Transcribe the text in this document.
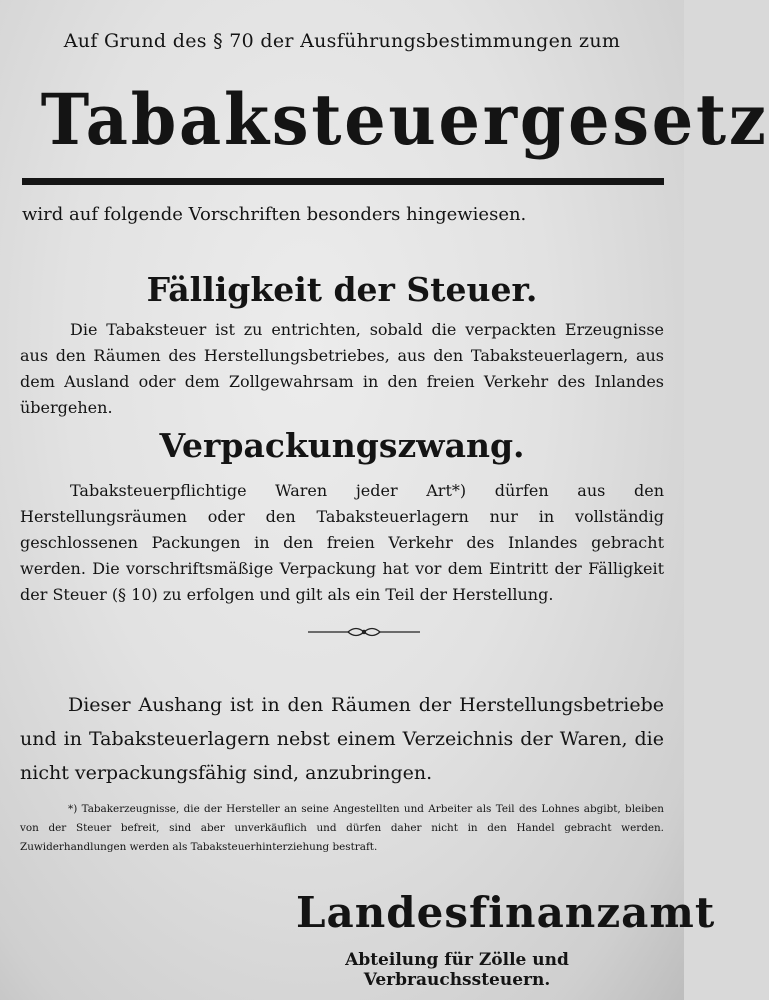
Auf Grund des § 70 der Ausführungsbestimmungen zum
Tabaksteuergesetz
wird auf folgende Vorschriften besonders hingewiesen.
Fälligkeit der Steuer.
Die Tabaksteuer ist zu entrichten, sobald die verpackten Erzeugnisse aus den Räumen des Herstellungsbetriebes, aus den Tabaksteuerlagern, aus dem Ausland oder dem Zollgewahrsam in den freien Verkehr des Inlandes übergehen.
Verpackungszwang.
Tabaksteuerpflichtige Waren jeder Art*) dürfen aus den Herstellungsräumen oder den Tabaksteuerlagern nur in vollständig geschlossenen Packungen in den freien Verkehr des Inlandes gebracht werden. Die vorschriftsmäßige Verpackung hat vor dem Eintritt der Fälligkeit der Steuer (§ 10) zu erfolgen und gilt als ein Teil der Herstellung.
Dieser Aushang ist in den Räumen der Herstellungsbetriebe und in Tabaksteuerlagern nebst einem Verzeichnis der Waren, die nicht verpackungsfähig sind, anzubringen.
*) Tabakerzeugnisse, die der Hersteller an seine Angestellten und Arbeiter als Teil des Lohnes abgibt, bleiben von der Steuer befreit, sind aber unverkäuflich und dürfen daher nicht in den Handel gebracht werden. Zuwiderhandlungen werden als Tabaksteuerhinterziehung bestraft.
Landesfinanzamt
Abteilung für Zölle und Verbrauchssteuern.
